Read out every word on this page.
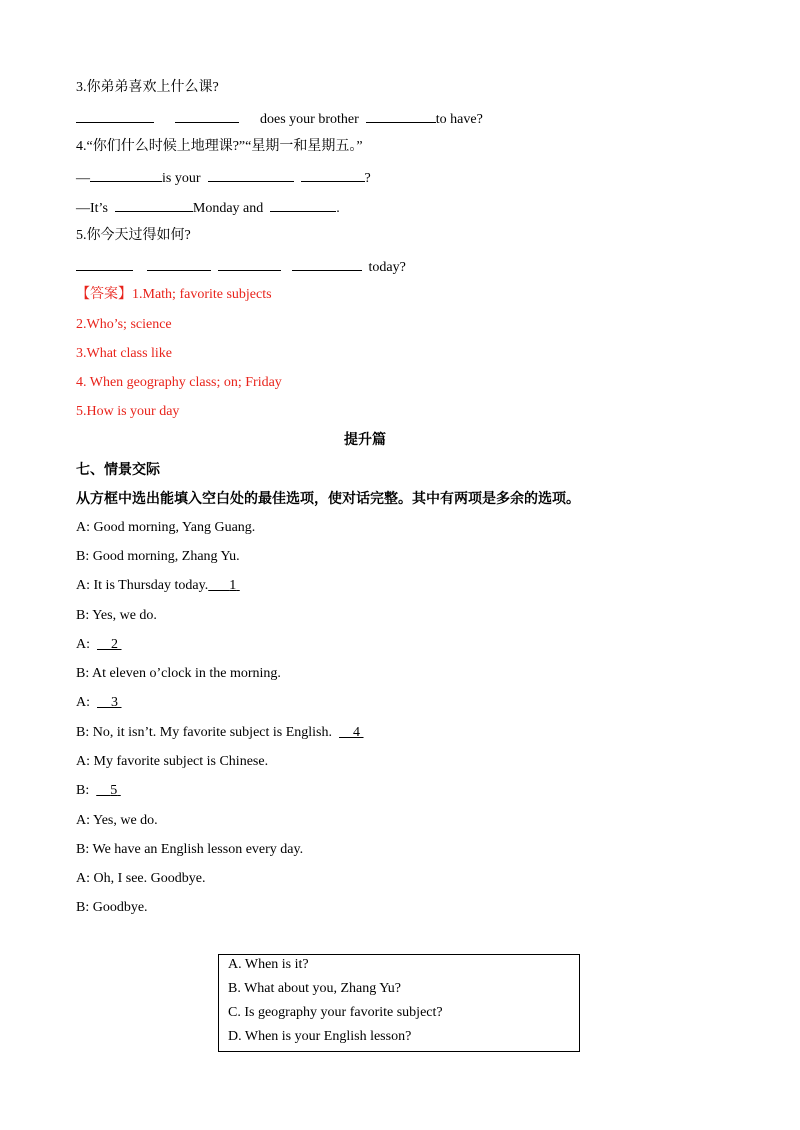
3.你弟弟喜欢上什么课?

does your brother	to have?

4.“你们什么时候上地理课?”“星期一和星期五。”

—	is your	?

—It’s	Monday and	.

5.你今天过得如何?

today?

【答案】1.Math; favorite subjects

2.Who’s; science

3.What class like

4. When geography class; on; Friday

5.How is your day

提升篇

七、情景交际

从方框中选出能填入空白处的最佳选项，使对话完整。其中有两项是多余的选项。

A: Good morning, Yang Guang.

B: Good morning, Zhang Yu.

A: It is Thursday today. 1

B: Yes, we do.

A: 2

B: At eleven o’clock in the morning.

A: 3

B: No, it isn’t. My favorite subject is English. 4

A: My favorite subject is Chinese.

B: 5

A: Yes, we do.

B: We have an English lesson every day.

A: Oh, I see. Goodbye.

B: Goodbye.

A. When is it?
B. What about you, Zhang Yu?
C. Is geography your favorite subject?
D. When is your English lesson?
